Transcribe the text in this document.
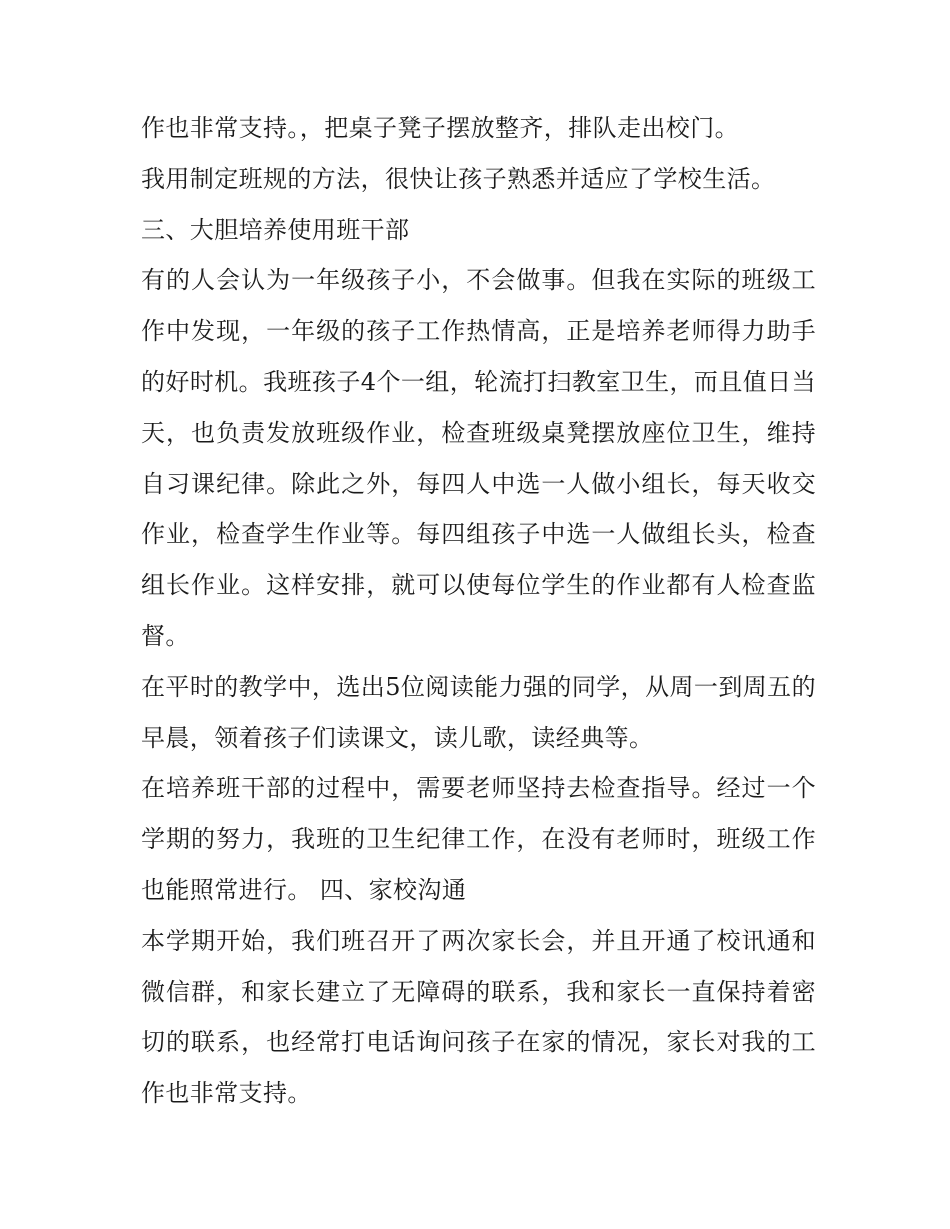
作也非常支持。，把桌子凳子摆放整齐，排队走出校门。

我用制定班规的方法，很快让孩子熟悉并适应了学校生活。

三、大胆培养使用班干部

有的人会认为一年级孩子小，不会做事。但我在实际的班级工作中发现，一年级的孩子工作热情高，正是培养老师得力助手的好时机。我班孩子4个一组，轮流打扫教室卫生，而且值日当天，也负责发放班级作业，检查班级桌凳摆放座位卫生，维持自习课纪律。除此之外，每四人中选一人做小组长，每天收交作业，检查学生作业等。每四组孩子中选一人做组长头，检查组长作业。这样安排，就可以使每位学生的作业都有人检查监督。

在平时的教学中，选出5位阅读能力强的同学，从周一到周五的早晨，领着孩子们读课文，读儿歌，读经典等。

在培养班干部的过程中，需要老师坚持去检查指导。经过一个学期的努力，我班的卫生纪律工作，在没有老师时，班级工作也能照常进行。 四、家校沟通

本学期开始，我们班召开了两次家长会，并且开通了校讯通和微信群，和家长建立了无障碍的联系，我和家长一直保持着密切的联系，也经常打电话询问孩子在家的情况，家长对我的工作也非常支持。
